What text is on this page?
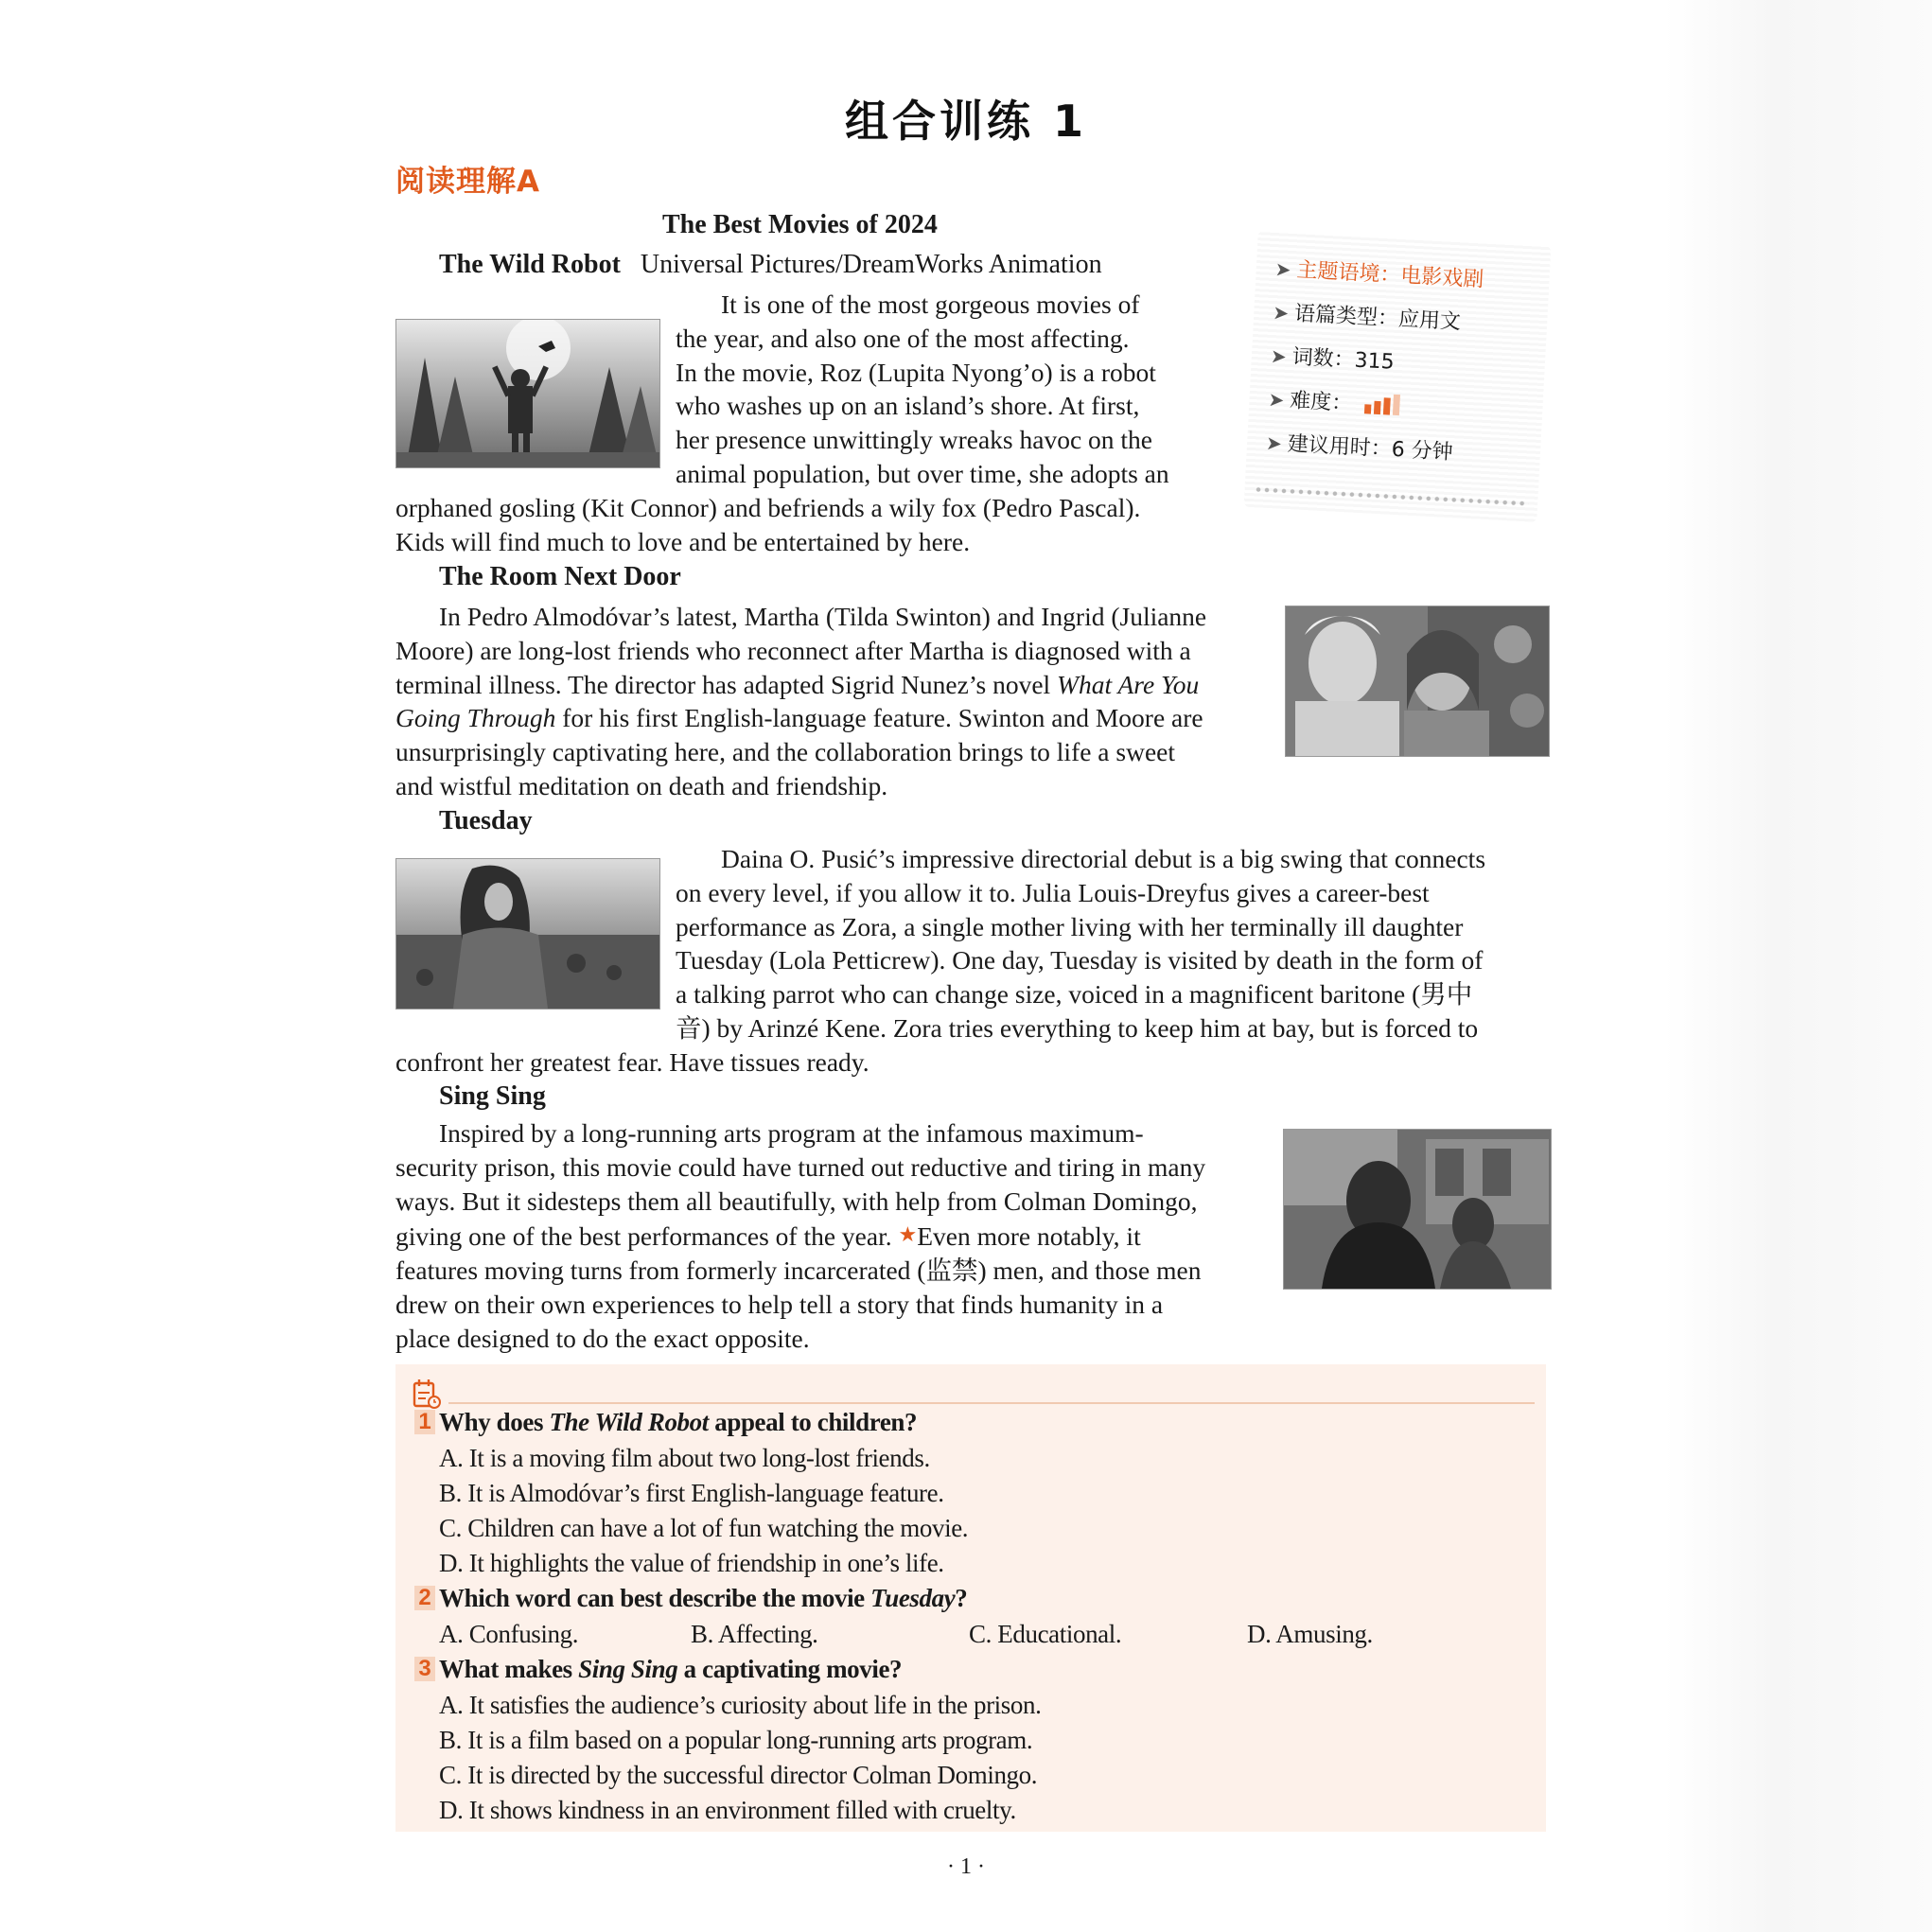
组合训练 1
阅读理解A
The Best Movies of 2024
➤ 主题语境：电影戏剧
➤ 语篇类型：应用文
➤ 词数：315
➤ 难度：
➤ 建议用时：6 分钟
The Wild Robot Universal Pictures/DreamWorks Animation
It is one of the most gorgeous movies of
the year, and also one of the most affecting.
In the movie, Roz (Lupita Nyong’o) is a robot
who washes up on an island’s shore. At first,
her presence unwittingly wreaks havoc on the
animal population, but over time, she adopts an
orphaned gosling (Kit Connor) and befriends a wily fox (Pedro Pascal).
Kids will find much to love and be entertained by here.
The Room Next Door
In Pedro Almodóvar’s latest, Martha (Tilda Swinton) and Ingrid (Julianne
Moore) are long-lost friends who reconnect after Martha is diagnosed with a
terminal illness. The director has adapted Sigrid Nunez’s novel What Are You
Going Through for his first English-language feature. Swinton and Moore are
unsurprisingly captivating here, and the collaboration brings to life a sweet
and wistful meditation on death and friendship.
Tuesday
Daina O. Pusić’s impressive directorial debut is a big swing that connects
on every level, if you allow it to. Julia Louis-Dreyfus gives a career-best
performance as Zora, a single mother living with her terminally ill daughter
Tuesday (Lola Petticrew). One day, Tuesday is visited by death in the form of
a talking parrot who can change size, voiced in a magnificent baritone (男中
音) by Arinzé Kene. Zora tries everything to keep him at bay, but is forced to
confront her greatest fear. Have tissues ready.
Sing Sing
Inspired by a long-running arts program at the infamous maximum-
security prison, this movie could have turned out reductive and tiring in many
ways. But it sidesteps them all beautifully, with help from Colman Domingo,
giving one of the best performances of the year. ★Even more notably, it
features moving turns from formerly incarcerated (监禁) men, and those men
drew on their own experiences to help tell a story that finds humanity in a
place designed to do the exact opposite.
1 Why does The Wild Robot appeal to children?
A. It is a moving film about two long-lost friends.
B. It is Almodóvar’s first English-language feature.
C. Children can have a lot of fun watching the movie.
D. It highlights the value of friendship in one’s life.
2 Which word can best describe the movie Tuesday?
A. Confusing.	B. Affecting.	C. Educational.	D. Amusing.
3 What makes Sing Sing a captivating movie?
A. It satisfies the audience’s curiosity about life in the prison.
B. It is a film based on a popular long-running arts program.
C. It is directed by the successful director Colman Domingo.
D. It shows kindness in an environment filled with cruelty.
· 1 ·
